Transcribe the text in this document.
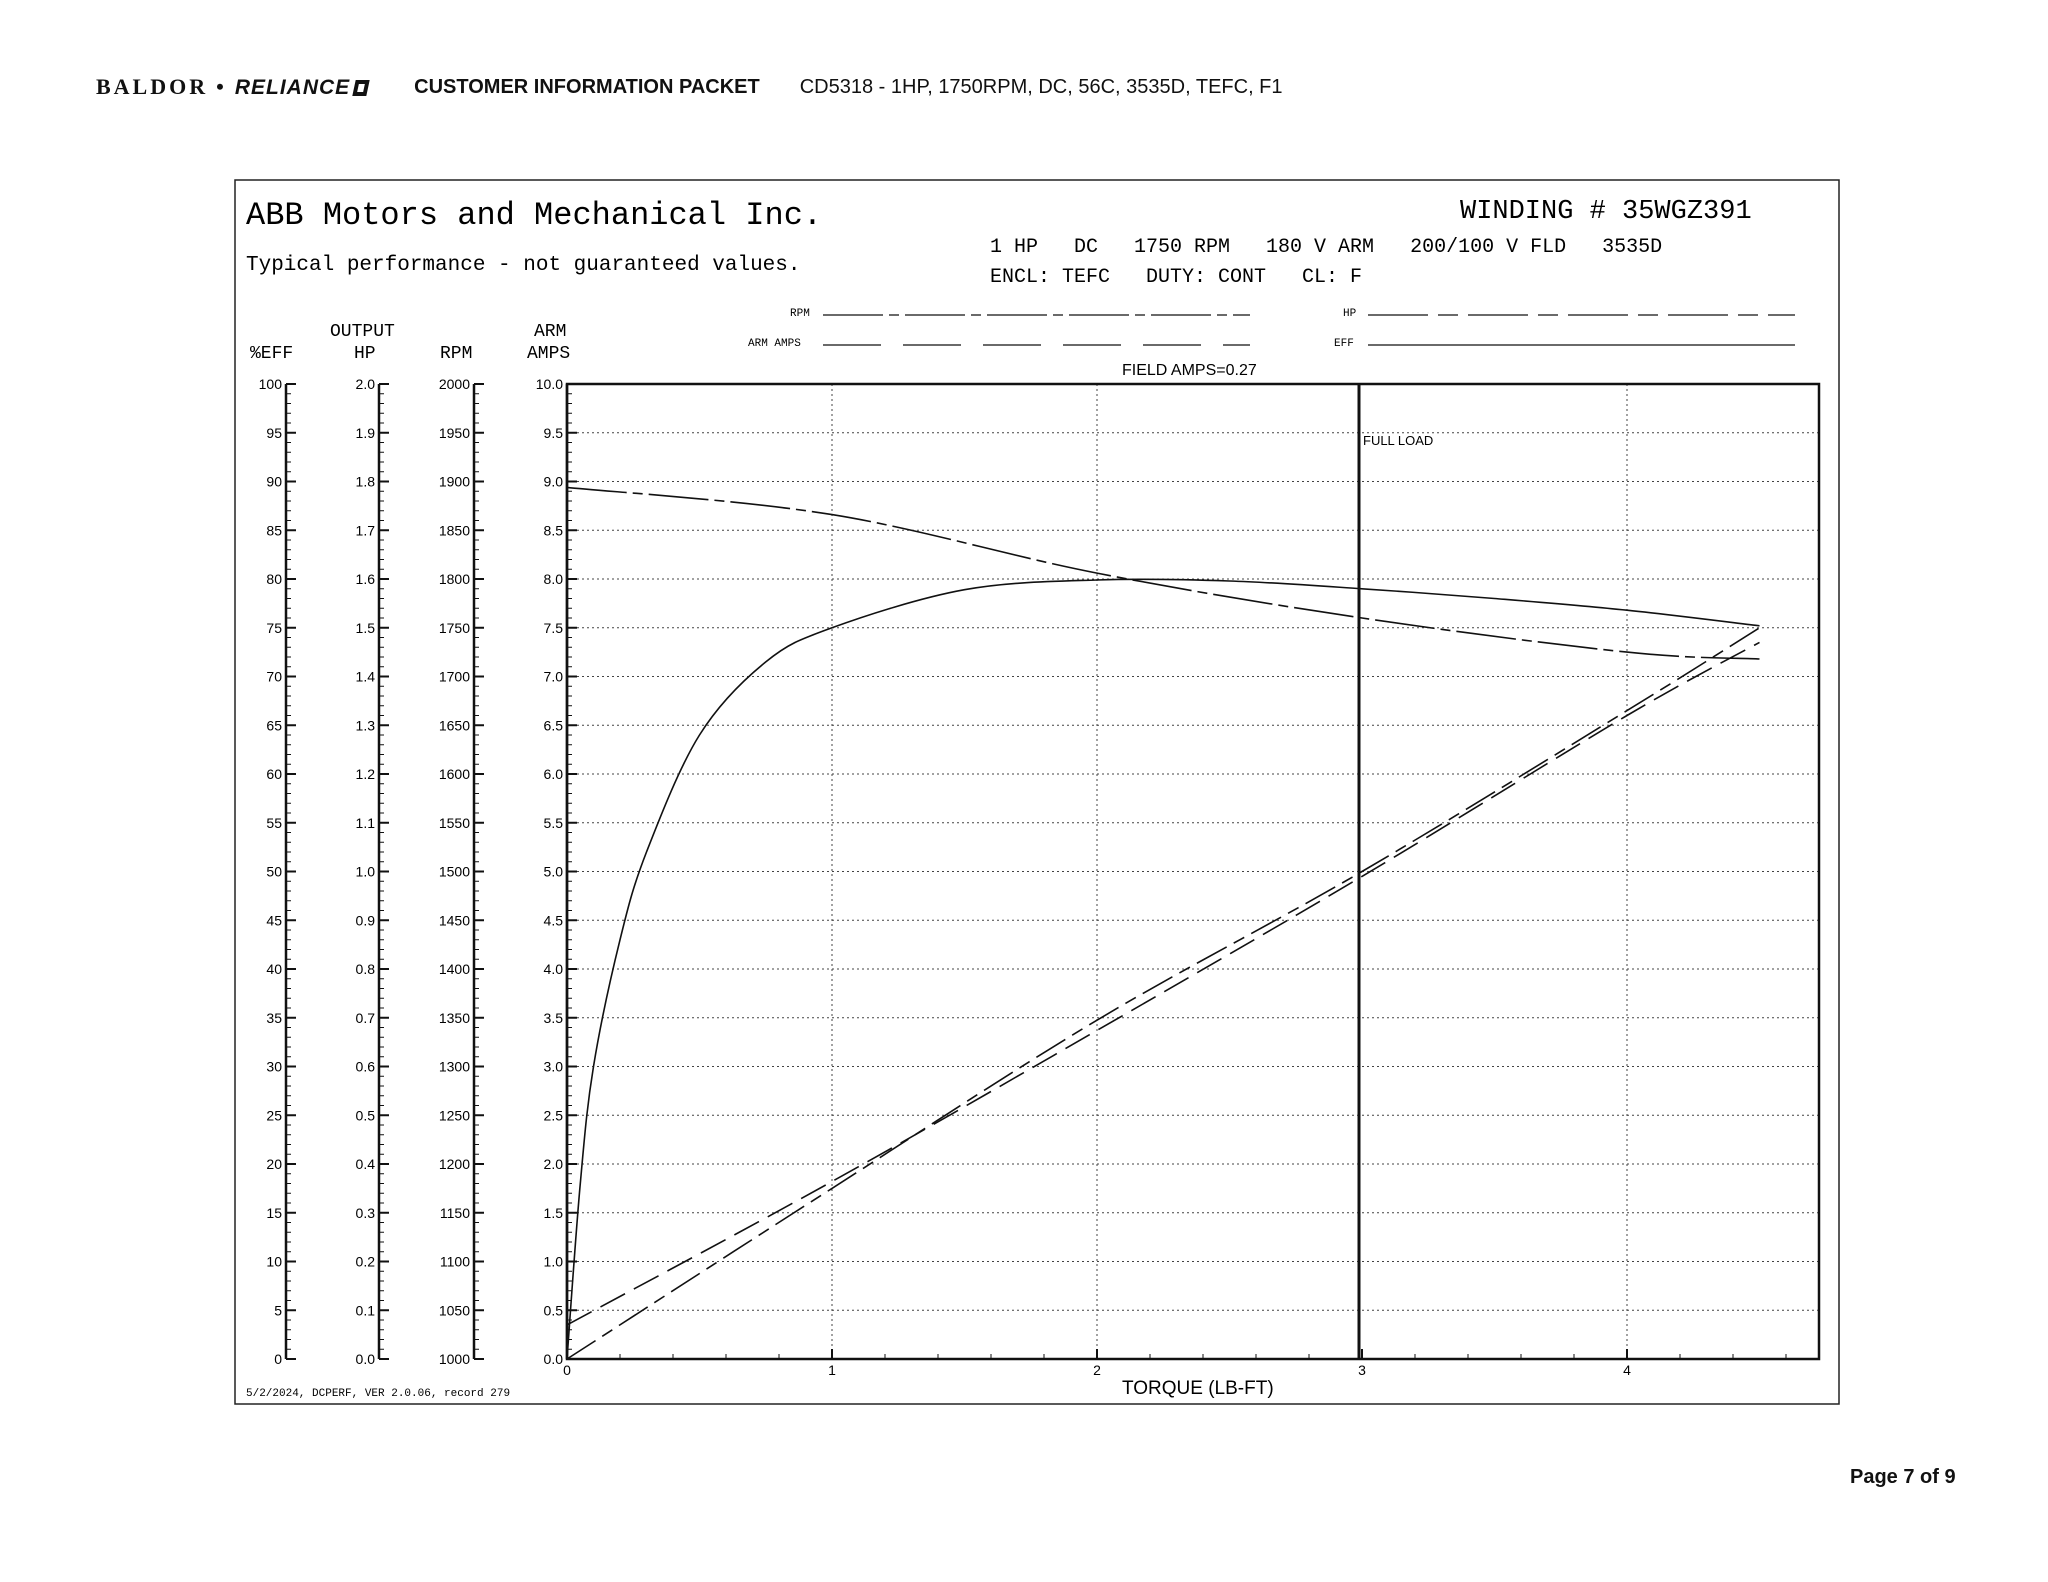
BALDOR • RELIANCE	CUSTOMER INFORMATION PACKET CD5318 - 1HP, 1750RPM, DC, 56C, 3535D, TEFC, F1
ABB Motors and Mechanical Inc.
Typical performance - not guaranteed values.
WINDING # 35WGZ391
1 HP   DC   1750 RPM   180 V ARM   200/100 V FLD   3535D
ENCL: TEFC   DUTY: CONT   CL: F
RPM
ARM AMPS
HP
EFF
%EFF
OUTPUT
HP	RPM
ARM
AMPS
FIELD AMPS=0.27
100
95
90
85
80
75
70
65
60
55
50
45
40
35
30
25
20
15
10
5
0
2.0
1.9
1.8
1.7
1.6
1.5
1.4
1.3
1.2
1.1
1.0
0.9
0.8
0.7
0.6
0.5
0.4
0.3
0.2
0.1
0.0
2000
1950
1900
1850
1800
1750
1700
1650
1600
1550
1500
1450
1400
1350
1300
1250
1200
1150
1100
1050
1000
10.0
9.5
9.0
8.5
8.0
7.5
7.0
6.5
6.0
5.5
5.0
4.5
4.0
3.5
3.0
2.5
2.0
1.5
1.0
0.5
0.0
FULL LOAD
0	1	2	3	4
TORQUE (LB-FT)
5/2/2024, DCPERF, VER 2.0.06, record 279
Page 7 of 9
